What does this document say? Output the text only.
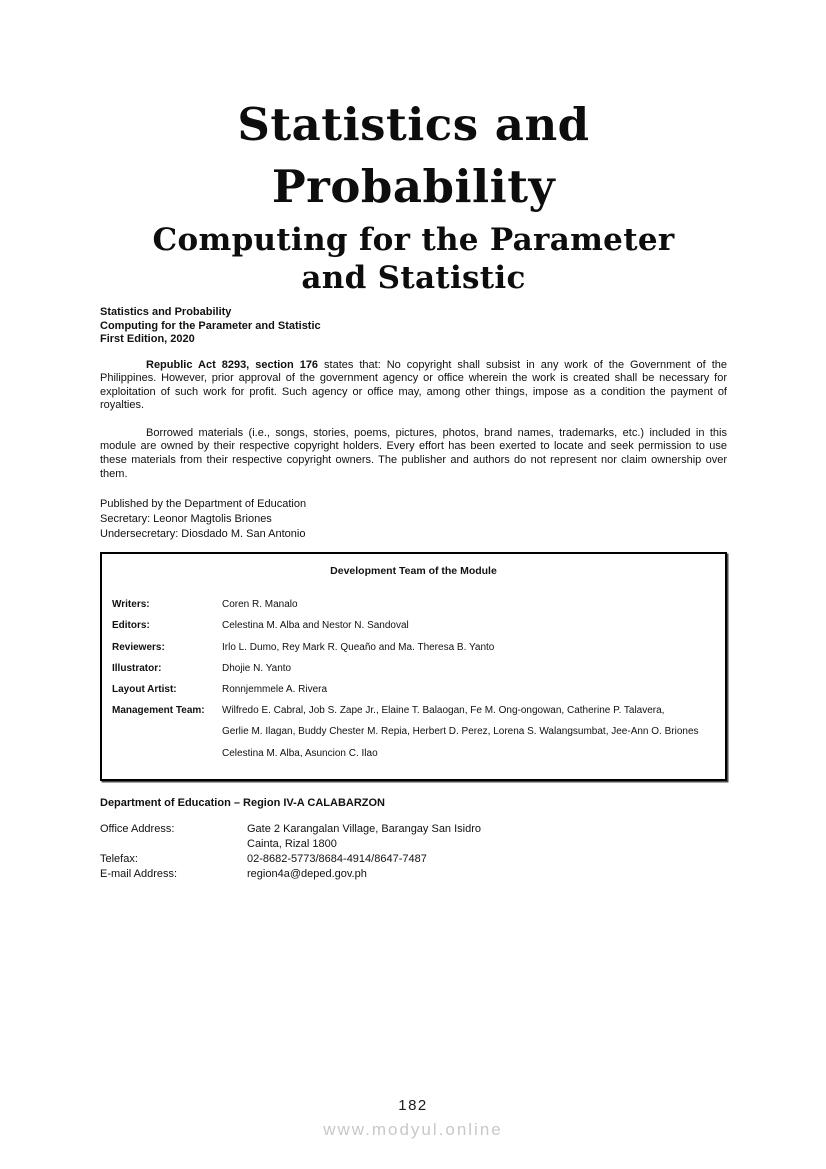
Statistics and
Probability
Computing for the Parameter
and Statistic
Statistics and Probability
Computing for the Parameter and Statistic
First Edition, 2020

Republic Act 8293, section 176 states that: No copyright shall subsist in any work of the Government of the Philippines. However, prior approval of the government agency or office wherein the work is created shall be necessary for exploitation of such work for profit. Such agency or office may, among other things, impose as a condition the payment of royalties.

Borrowed materials (i.e., songs, stories, poems, pictures, photos, brand names, trademarks, etc.) included in this module are owned by their respective copyright holders. Every effort has been exerted to locate and seek permission to use these materials from their respective copyright owners. The publisher and authors do not represent nor claim ownership over them.

Published by the Department of Education
Secretary: Leonor Magtolis Briones
Undersecretary: Diosdado M. San Antonio
Development Team of the Module
Writers:	Coren R. Manalo
Editors:	Celestina M. Alba and Nestor N. Sandoval
Reviewers:	Irlo L. Dumo, Rey Mark R. Queaño and Ma. Theresa B. Yanto
Illustrator:	Dhojie N. Yanto
Layout Artist:	Ronnjemmele A. Rivera
Management Team:	Wilfredo E. Cabral, Job S. Zape Jr., Elaine T. Balaogan, Fe M. Ong-ongowan, Catherine P. Talavera,
Gerlie M. Ilagan, Buddy Chester M. Repia, Herbert D. Perez, Lorena S. Walangsumbat, Jee-Ann O. Briones
Celestina M. Alba, Asuncion C. Ilao
Department of Education – Region IV-A CALABARZON
Office Address:	Gate 2 Karangalan Village, Barangay San Isidro
Cainta, Rizal 1800
Telefax:	02-8682-5773/8684-4914/8647-7487
E-mail Address:	region4a@deped.gov.ph
182
www.modyul.online
